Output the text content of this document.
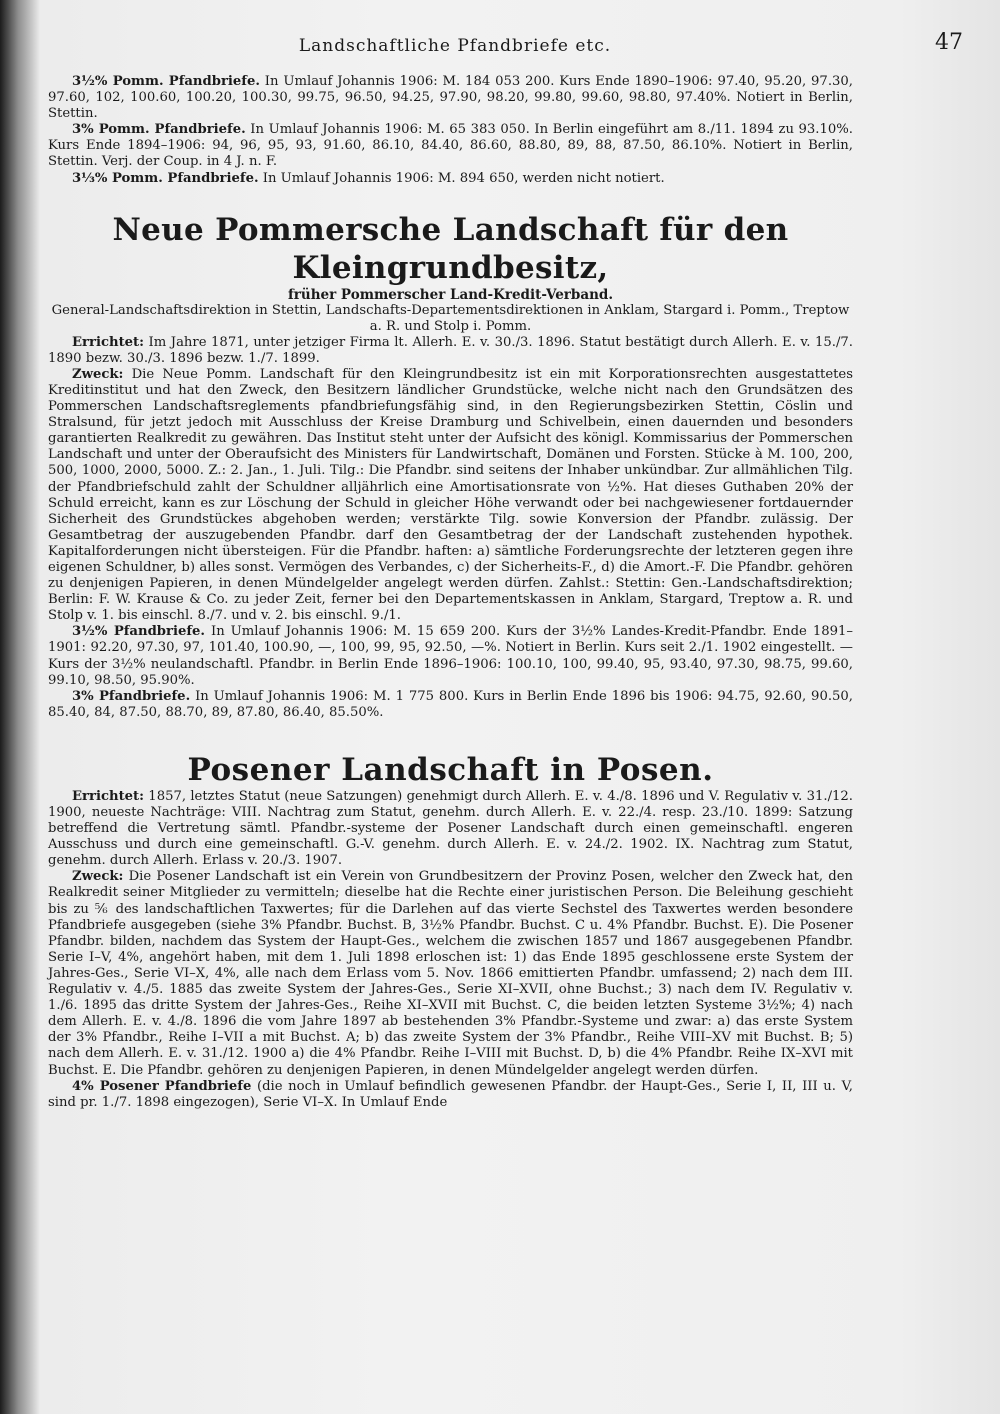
Landschaftliche Pfandbriefe etc.	47

3½% Pomm. Pfandbriefe. In Umlauf Johannis 1906: M. 184 053 200. Kurs Ende 1890–1906: 97.40, 95.20, 97.30, 97.60, 102, 100.60, 100.20, 100.30, 99.75, 96.50, 94.25, 97.90, 98.20, 99.80, 99.60, 98.80, 97.40%. Notiert in Berlin, Stettin.

3% Pomm. Pfandbriefe. In Umlauf Johannis 1906: M. 65 383 050. In Berlin eingeführt am 8./11. 1894 zu 93.10%. Kurs Ende 1894–1906: 94, 96, 95, 93, 91.60, 86.10, 84.40, 86.60, 88.80, 89, 88, 87.50, 86.10%. Notiert in Berlin, Stettin. Verj. der Coup. in 4 J. n. F.

3⅓% Pomm. Pfandbriefe. In Umlauf Johannis 1906: M. 894 650, werden nicht notiert.

Neue Pommersche Landschaft für den Kleingrundbesitz,
früher Pommerscher Land-Kredit-Verband.
General-Landschaftsdirektion in Stettin, Landschafts-Departementsdirektionen in Anklam, Stargard i. Pomm., Treptow a. R. und Stolp i. Pomm.

Errichtet: Im Jahre 1871, unter jetziger Firma lt. Allerh. E. v. 30./3. 1896. Statut bestätigt durch Allerh. E. v. 15./7. 1890 bezw. 30./3. 1896 bezw. 1./7. 1899.

Zweck: Die Neue Pomm. Landschaft für den Kleingrundbesitz ist ein mit Korporationsrechten ausgestattetes Kreditinstitut und hat den Zweck, den Besitzern ländlicher Grundstücke, welche nicht nach den Grundsätzen des Pommerschen Landschaftsreglements pfandbriefungsfähig sind, in den Regierungsbezirken Stettin, Cöslin und Stralsund, für jetzt jedoch mit Ausschluss der Kreise Dramburg und Schivelbein, einen dauernden und besonders garantierten Realkredit zu gewähren. Das Institut steht unter der Aufsicht des königl. Kommissarius der Pommerschen Landschaft und unter der Oberaufsicht des Ministers für Landwirtschaft, Domänen und Forsten. Stücke à M. 100, 200, 500, 1000, 2000, 5000. Z.: 2. Jan., 1. Juli. Tilg.: Die Pfandbr. sind seitens der Inhaber unkündbar. Zur allmählichen Tilg. der Pfandbriefschuld zahlt der Schuldner alljährlich eine Amortisationsrate von ½%. Hat dieses Guthaben 20% der Schuld erreicht, kann es zur Löschung der Schuld in gleicher Höhe verwandt oder bei nachgewiesener fortdauernder Sicherheit des Grundstückes abgehoben werden; verstärkte Tilg. sowie Konversion der Pfandbr. zulässig. Der Gesamtbetrag der auszugebenden Pfandbr. darf den Gesamtbetrag der der Landschaft zustehenden hypothek. Kapitalforderungen nicht übersteigen. Für die Pfandbr. haften: a) sämtliche Forderungsrechte der letzteren gegen ihre eigenen Schuldner, b) alles sonst. Vermögen des Verbandes, c) der Sicherheits-F., d) die Amort.-F. Die Pfandbr. gehören zu denjenigen Papieren, in denen Mündelgelder angelegt werden dürfen. Zahlst.: Stettin: Gen.-Landschaftsdirektion; Berlin: F. W. Krause & Co. zu jeder Zeit, ferner bei den Departementskassen in Anklam, Stargard, Treptow a. R. und Stolp v. 1. bis einschl. 8./7. und v. 2. bis einschl. 9./1.

3½% Pfandbriefe. In Umlauf Johannis 1906: M. 15 659 200. Kurs der 3½% Landes-Kredit-Pfandbr. Ende 1891–1901: 92.20, 97.30, 97, 101.40, 100.90, —, 100, 99, 95, 92.50, —%. Notiert in Berlin. Kurs seit 2./1. 1902 eingestellt. — Kurs der 3½% neulandschaftl. Pfandbr. in Berlin Ende 1896–1906: 100.10, 100, 99.40, 95, 93.40, 97.30, 98.75, 99.60, 99.10, 98.50, 95.90%.

3% Pfandbriefe. In Umlauf Johannis 1906: M. 1 775 800. Kurs in Berlin Ende 1896 bis 1906: 94.75, 92.60, 90.50, 85.40, 84, 87.50, 88.70, 89, 87.80, 86.40, 85.50%.

Posener Landschaft in Posen.

Errichtet: 1857, letztes Statut (neue Satzungen) genehmigt durch Allerh. E. v. 4./8. 1896 und V. Regulativ v. 31./12. 1900, neueste Nachträge: VIII. Nachtrag zum Statut, genehm. durch Allerh. E. v. 22./4. resp. 23./10. 1899: Satzung betreffend die Vertretung sämtl. Pfandbr.-systeme der Posener Landschaft durch einen gemeinschaftl. engeren Ausschuss und durch eine gemeinschaftl. G.-V. genehm. durch Allerh. E. v. 24./2. 1902. IX. Nachtrag zum Statut, genehm. durch Allerh. Erlass v. 20./3. 1907.

Zweck: Die Posener Landschaft ist ein Verein von Grundbesitzern der Provinz Posen, welcher den Zweck hat, den Realkredit seiner Mitglieder zu vermitteln; dieselbe hat die Rechte einer juristischen Person. Die Beleihung geschieht bis zu ⅚ des landschaftlichen Taxwertes; für die Darlehen auf das vierte Sechstel des Taxwertes werden besondere Pfandbriefe ausgegeben (siehe 3% Pfandbr. Buchst. B, 3½% Pfandbr. Buchst. C u. 4% Pfandbr. Buchst. E). Die Posener Pfandbr. bilden, nachdem das System der Haupt-Ges., welchem die zwischen 1857 und 1867 ausgegebenen Pfandbr. Serie I–V, 4%, angehört haben, mit dem 1. Juli 1898 erloschen ist: 1) das Ende 1895 geschlossene erste System der Jahres-Ges., Serie VI–X, 4%, alle nach dem Erlass vom 5. Nov. 1866 emittierten Pfandbr. umfassend; 2) nach dem III. Regulativ v. 4./5. 1885 das zweite System der Jahres-Ges., Serie XI–XVII, ohne Buchst.; 3) nach dem IV. Regulativ v. 1./6. 1895 das dritte System der Jahres-Ges., Reihe XI–XVII mit Buchst. C, die beiden letzten Systeme 3½%; 4) nach dem Allerh. E. v. 4./8. 1896 die vom Jahre 1897 ab bestehenden 3% Pfandbr.-Systeme und zwar: a) das erste System der 3% Pfandbr., Reihe I–VII a mit Buchst. A; b) das zweite System der 3% Pfandbr., Reihe VIII–XV mit Buchst. B; 5) nach dem Allerh. E. v. 31./12. 1900 a) die 4% Pfandbr. Reihe I–VIII mit Buchst. D, b) die 4% Pfandbr. Reihe IX–XVI mit Buchst. E. Die Pfandbr. gehören zu denjenigen Papieren, in denen Mündelgelder angelegt werden dürfen.

4% Posener Pfandbriefe (die noch in Umlauf befindlich gewesenen Pfandbr. der Haupt-Ges., Serie I, II, III u. V, sind pr. 1./7. 1898 eingezogen), Serie VI–X. In Umlauf Ende
